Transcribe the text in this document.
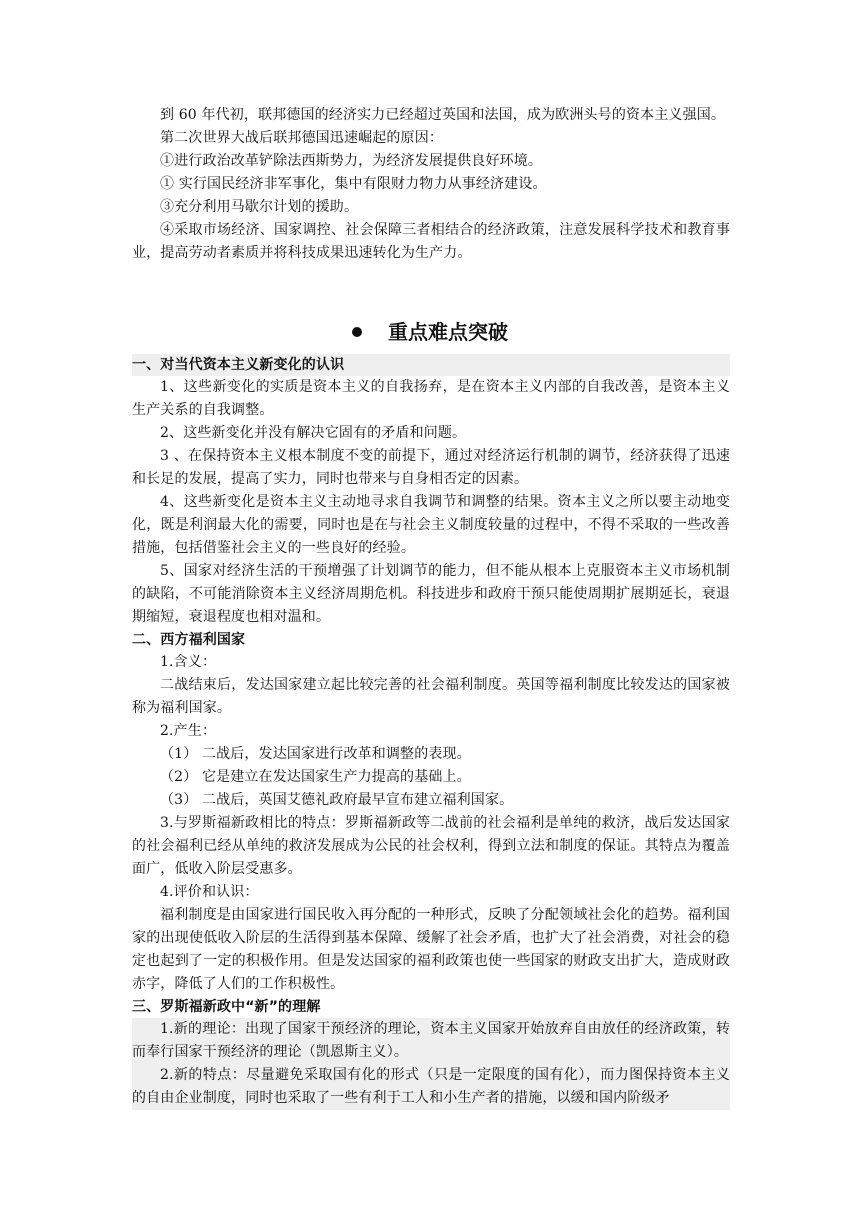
到 60 年代初，联邦德国的经济实力已经超过英国和法国，成为欧洲头号的资本主义强国。

第二次世界大战后联邦德国迅速崛起的原因：

①进行政治改革铲除法西斯势力，为经济发展提供良好环境。

① 实行国民经济非军事化，集中有限财力物力从事经济建设。

③充分利用马歇尔计划的援助。

④采取市场经济、国家调控、社会保障三者相结合的经济政策，注意发展科学技术和教育事业，提高劳动者素质并将科技成果迅速转化为生产力。

重点难点突破

一、对当代资本主义新变化的认识

1、这些新变化的实质是资本主义的自我扬弃，是在资本主义内部的自我改善，是资本主义生产关系的自我调整。

2、这些新变化并没有解决它固有的矛盾和问题。

3 、在保持资本主义根本制度不变的前提下，通过对经济运行机制的调节，经济获得了迅速和长足的发展，提高了实力，同时也带来与自身相否定的因素。

4、这些新变化是资本主义主动地寻求自我调节和调整的结果。资本主义之所以要主动地变化，既是利润最大化的需要，同时也是在与社会主义制度较量的过程中，不得不采取的一些改善措施，包括借鉴社会主义的一些良好的经验。

5、国家对经济生活的干预增强了计划调节的能力，但不能从根本上克服资本主义市场机制的缺陷，不可能消除资本主义经济周期危机。科技进步和政府干预只能使周期扩展期延长，衰退期缩短，衰退程度也相对温和。

二、西方福利国家

1.含义：

二战结束后，发达国家建立起比较完善的社会福利制度。英国等福利制度比较发达的国家被称为福利国家。

2.产生：

（1） 二战后，发达国家进行改革和调整的表现。

（2） 它是建立在发达国家生产力提高的基础上。

（3） 二战后，英国艾德礼政府最早宣布建立福利国家。

3.与罗斯福新政相比的特点：罗斯福新政等二战前的社会福利是单纯的救济，战后发达国家的社会福利已经从单纯的救济发展成为公民的社会权利，得到立法和制度的保证。其特点为覆盖面广，低收入阶层受惠多。

4.评价和认识：

福利制度是由国家进行国民收入再分配的一种形式，反映了分配领域社会化的趋势。福利国家的出现使低收入阶层的生活得到基本保障、缓解了社会矛盾，也扩大了社会消费，对社会的稳定也起到了一定的积极作用。但是发达国家的福利政策也使一些国家的财政支出扩大，造成财政赤字，降低了人们的工作积极性。

三、罗斯福新政中“新”的理解

1.新的理论：出现了国家干预经济的理论，资本主义国家开始放弃自由放任的经济政策，转而奉行国家干预经济的理论（凯恩斯主义）。

2.新的特点：尽量避免采取国有化的形式（只是一定限度的国有化），而力图保持资本主义的自由企业制度，同时也采取了一些有利于工人和小生产者的措施，以缓和国内阶级矛
